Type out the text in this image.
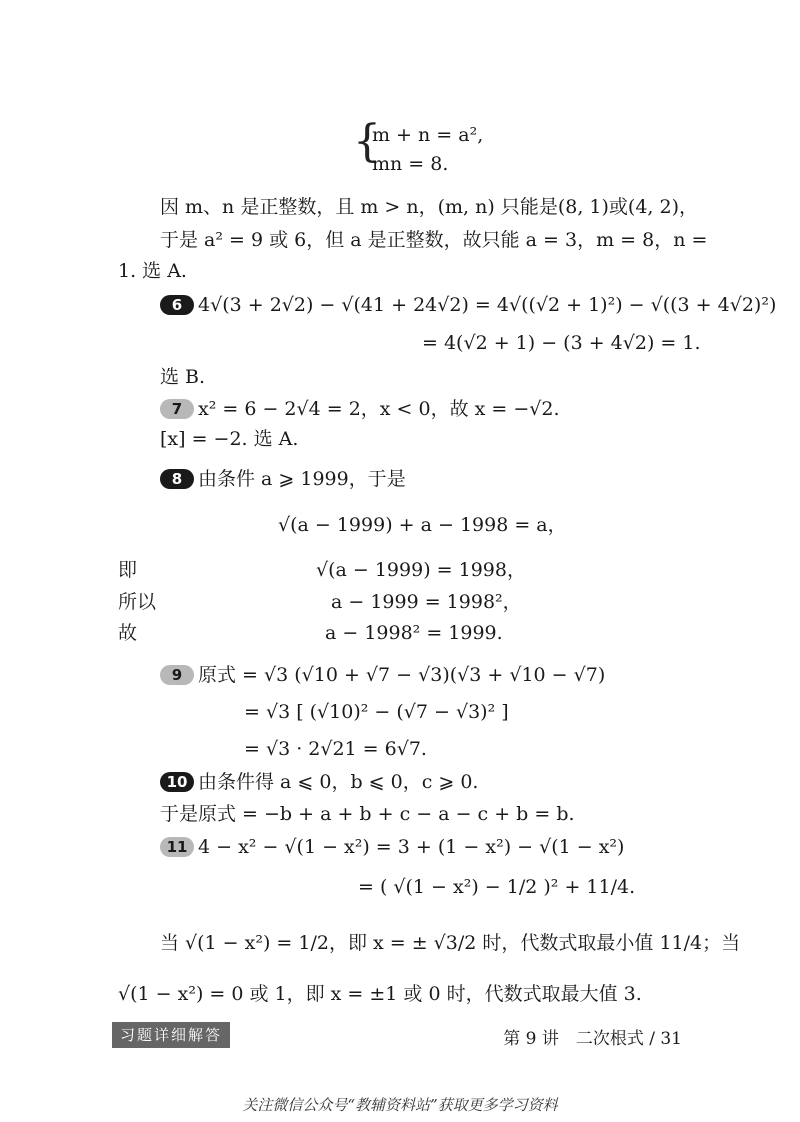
{
m + n = a²,
mn = 8.
因 m、n 是正整数，且 m > n，(m, n) 只能是(8, 1)或(4, 2)，
于是 a² = 9 或 6，但 a 是正整数，故只能 a = 3，m = 8，n =
1. 选 A.
6 4√(3 + 2√2) − √(41 + 24√2) = 4√((√2 + 1)²) − √((3 + 4√2)²)
= 4(√2 + 1) − (3 + 4√2) = 1.
选 B.
7 x² = 6 − 2√4 = 2，x < 0，故 x = −√2.
[x] = −2. 选 A.
8 由条件 a ⩾ 1999，于是
√(a − 1999) + a − 1998 = a，
即	√(a − 1999) = 1998，
所以	a − 1999 = 1998²，
故	a − 1998² = 1999.
9 原式 = √3 (√10 + √7 − √3)(√3 + √10 − √7)
= √3 [ (√10)² − (√7 − √3)² ]
= √3 · 2√21 = 6√7.
10 由条件得 a ⩽ 0，b ⩽ 0，c ⩾ 0.
于是原式 = −b + a + b + c − a − c + b = b.
11 4 − x² − √(1 − x²) = 3 + (1 − x²) − √(1 − x²)
= ( √(1 − x²) − 1/2 )² + 11/4.
当 √(1 − x²) = 1/2，即 x = ± √3/2 时，代数式取最小值 11/4；当
√(1 − x²) = 0 或 1，即 x = ±1 或 0 时，代数式取最大值 3.
习题详细解答	第 9 讲　二次根式 / 31
关注微信公众号“教辅资料站”获取更多学习资料
